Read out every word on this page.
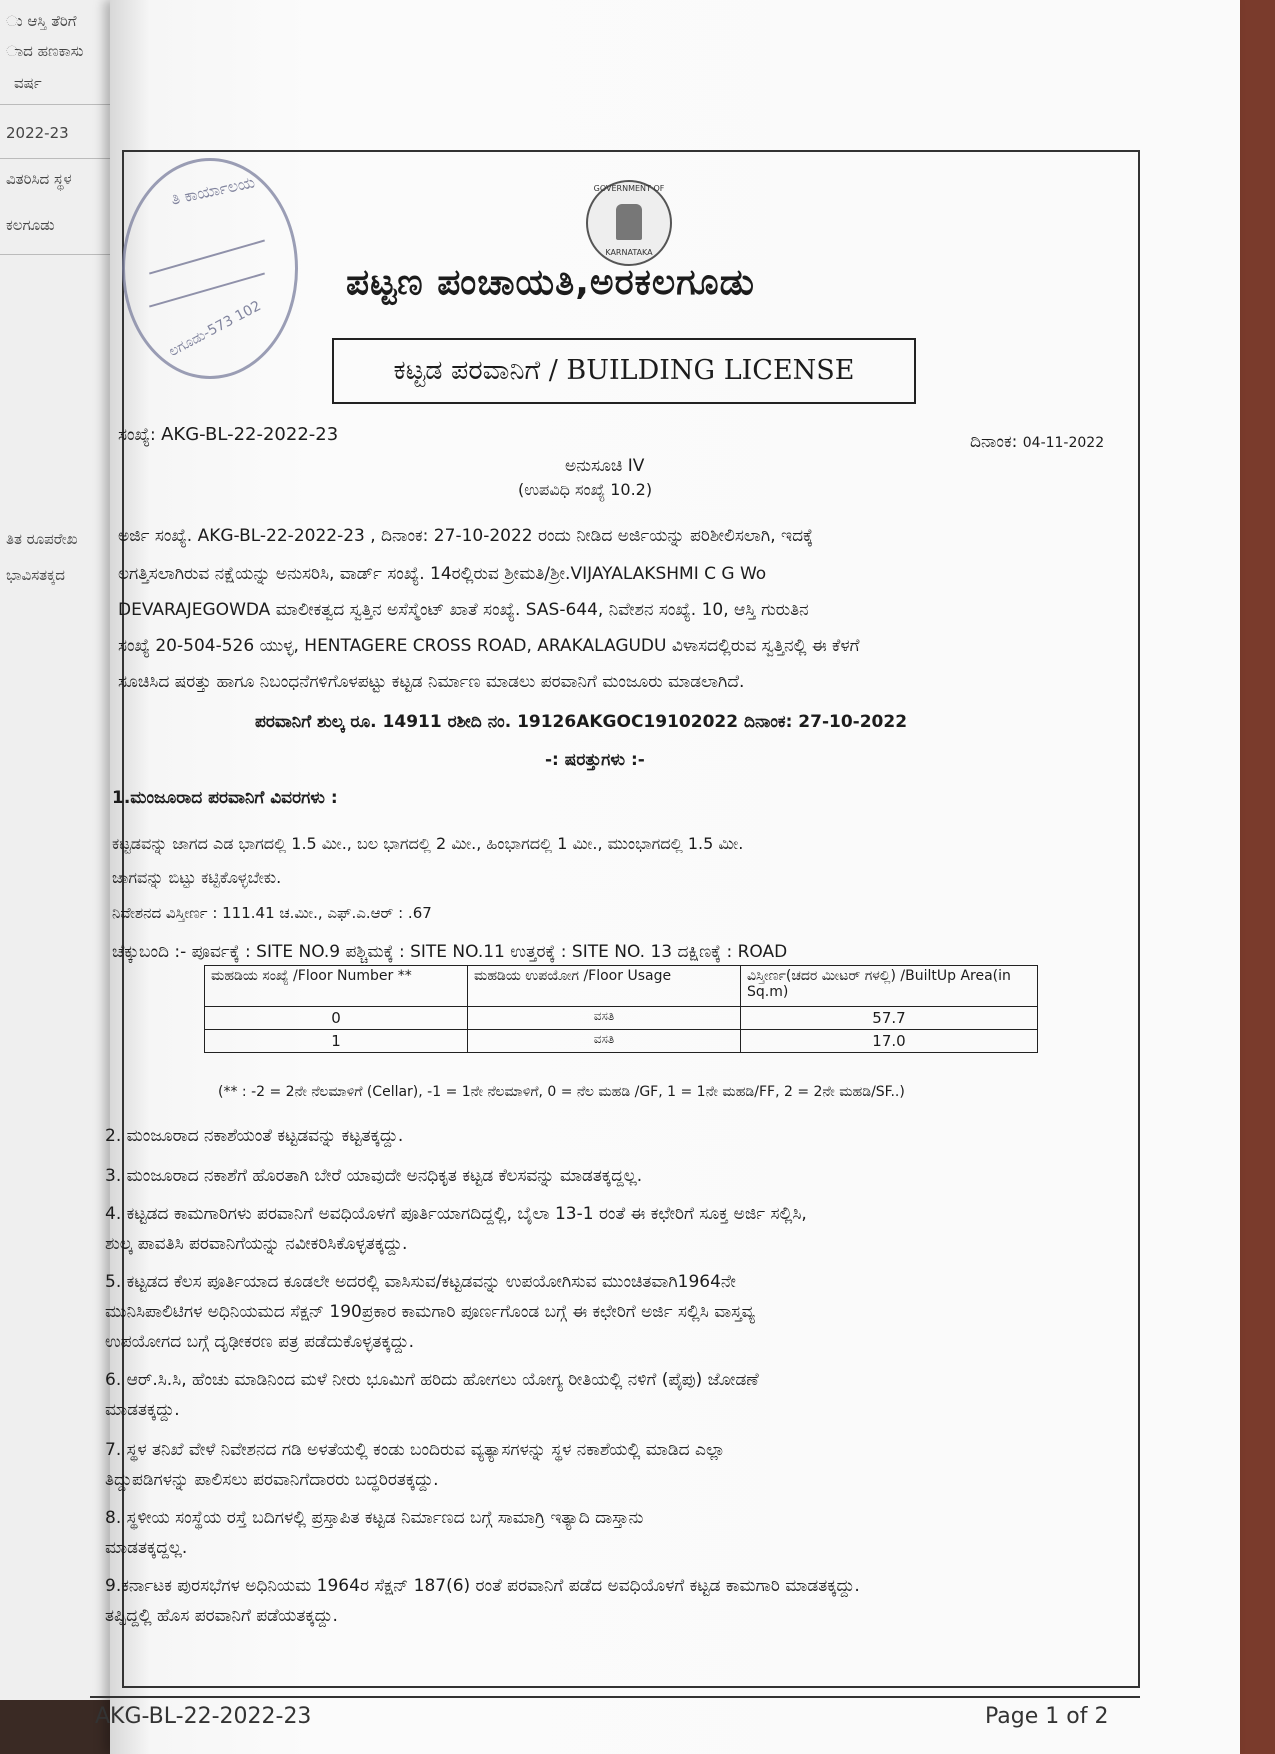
ು ಆಸ್ತಿ ತೆರಿಗೆ
ಾದ ಹಣಕಾಸು
ವರ್ಷ
2022-23
ವಿತರಿಸಿದ ಸ್ಥಳ
ಕಲಗೂಡು
ತಿತ ರೂಪರೇಖ
ಭಾವಿಸತಕ್ಕದ
ತಿ ಕಾರ್ಯಾಲಯ
ಲಗೂಡು-573 102
GOVERNMENT OF
KARNATAKA
ಪಟ್ಟಣ ಪಂಚಾಯತಿ,ಅರಕಲಗೂಡು
ಕಟ್ಟಡ ಪರವಾನಿಗೆ / BUILDING LICENSE
ಸಂಖ್ಯೆ: AKG-BL-22-2022-23	ದಿನಾಂಕ: 04-11-2022
ಅನುಸೂಚಿ IV
(ಉಪವಿಧಿ ಸಂಖ್ಯೆ 10.2)
ಅರ್ಜಿ ಸಂಖ್ಯೆ. AKG-BL-22-2022-23 , ದಿನಾಂಕ: 27-10-2022 ರಂದು ನೀಡಿದ ಅರ್ಜಿಯನ್ನು ಪರಿಶೀಲಿಸಲಾಗಿ, ಇದಕ್ಕೆ
ಲಗತ್ತಿಸಲಾಗಿರುವ ನಕ್ಷೆಯನ್ನು ಅನುಸರಿಸಿ, ವಾರ್ಡ್ ಸಂಖ್ಯೆ. 14ರಲ್ಲಿರುವ ಶ್ರೀಮತಿ/ಶ್ರೀ.VIJAYALAKSHMI C G Wo
DEVARAJEGOWDA ಮಾಲೀಕತ್ವದ ಸ್ವತ್ತಿನ ಅಸೆಸ್ಮೆಂಟ್ ಖಾತೆ ಸಂಖ್ಯೆ. SAS-644, ನಿವೇಶನ ಸಂಖ್ಯೆ. 10, ಆಸ್ತಿ ಗುರುತಿನ
ಸಂಖ್ಯೆ 20-504-526 ಯುಳ್ಳ, HENTAGERE CROSS ROAD, ARAKALAGUDU ವಿಳಾಸದಲ್ಲಿರುವ ಸ್ವತ್ತಿನಲ್ಲಿ ಈ ಕೆಳಗೆ
ಸೂಚಿಸಿದ ಷರತ್ತು ಹಾಗೂ ನಿಬಂಧನೆಗಳಿಗೊಳಪಟ್ಟು ಕಟ್ಟಡ ನಿರ್ಮಾಣ ಮಾಡಲು ಪರವಾನಿಗೆ ಮಂಜೂರು ಮಾಡಲಾಗಿದೆ.
ಪರವಾನಿಗೆ ಶುಲ್ಕ ರೂ. 14911 ರಶೀದಿ ನಂ. 19126AKGOC19102022 ದಿನಾಂಕ: 27-10-2022
-: ಷರತ್ತುಗಳು :-
1.ಮಂಜೂರಾದ ಪರವಾನಿಗೆ ವಿವರಗಳು :
ಕಟ್ಟಡವನ್ನು ಜಾಗದ ಎಡ ಭಾಗದಲ್ಲಿ 1.5 ಮೀ., ಬಲ ಭಾಗದಲ್ಲಿ 2 ಮೀ., ಹಿಂಭಾಗದಲ್ಲಿ 1 ಮೀ., ಮುಂಭಾಗದಲ್ಲಿ 1.5 ಮೀ.
ಜಾಗವನ್ನು ಬಿಟ್ಟು ಕಟ್ಟಿಕೊಳ್ಳಬೇಕು.
ನಿವೇಶನದ ವಿಸ್ತೀರ್ಣ : 111.41 ಚ.ಮೀ., ಎಫ್.ಎ.ಆರ್ : .67
ಚೆಕ್ಕುಬಂದಿ :- ಪೂರ್ವಕ್ಕೆ : SITE NO.9 ಪಶ್ಚಿಮಕ್ಕೆ : SITE NO.11 ಉತ್ತರಕ್ಕೆ : SITE NO. 13 ದಕ್ಷಿಣಕ್ಕೆ : ROAD
ಮಹಡಿಯ ಸಂಖ್ಯೆ /Floor Number **	ಮಹಡಿಯ ಉಪಯೋಗ /Floor Usage	ವಿಸ್ತೀರ್ಣ(ಚದರ ಮೀಟರ್ ಗಳಲ್ಲಿ) /BuiltUp Area(in Sq.m)
0	ವಸತಿ	57.7
1	ವಸತಿ	17.0
(** : -2 = 2ನೇ ನೆಲಮಾಳಿಗೆ (Cellar), -1 = 1ನೇ ನೆಲಮಾಳಿಗೆ, 0 = ನೆಲ ಮಹಡಿ /GF, 1 = 1ನೇ ಮಹಡಿ/FF, 2 = 2ನೇ ಮಹಡಿ/SF..)
2. ಮಂಜೂರಾದ ನಕಾಶೆಯಂತೆ ಕಟ್ಟಡವನ್ನು ಕಟ್ಟತಕ್ಕದ್ದು.
3. ಮಂಜೂರಾದ ನಕಾಶೆಗೆ ಹೊರತಾಗಿ ಬೇರೆ ಯಾವುದೇ ಅನಧಿಕೃತ ಕಟ್ಟಡ ಕೆಲಸವನ್ನು ಮಾಡತಕ್ಕದ್ದಲ್ಲ.
4. ಕಟ್ಟಡದ ಕಾಮಗಾರಿಗಳು ಪರವಾನಿಗೆ ಅವಧಿಯೊಳಗೆ ಪೂರ್ತಿಯಾಗದಿದ್ದಲ್ಲಿ, ಬೈಲಾ 13-1 ರಂತೆ ಈ ಕಛೇರಿಗೆ ಸೂಕ್ತ ಅರ್ಜಿ ಸಲ್ಲಿಸಿ,
ಶುಲ್ಕ ಪಾವತಿಸಿ ಪರವಾನಿಗೆಯನ್ನು ನವೀಕರಿಸಿಕೊಳ್ಳತಕ್ಕದ್ದು.
5. ಕಟ್ಟಡದ ಕೆಲಸ ಪೂರ್ತಿಯಾದ ಕೂಡಲೇ ಅದರಲ್ಲಿ ವಾಸಿಸುವ/ಕಟ್ಟಡವನ್ನು ಉಪಯೋಗಿಸುವ ಮುಂಚಿತವಾಗಿ1964ನೇ
ಮುನಿಸಿಪಾಲಿಟಿಗಳ ಅಧಿನಿಯಮದ ಸೆಕ್ಷನ್ 190ಪ್ರಕಾರ ಕಾಮಗಾರಿ ಪೂರ್ಣಗೊಂಡ ಬಗ್ಗೆ ಈ ಕಛೇರಿಗೆ ಅರ್ಜಿ ಸಲ್ಲಿಸಿ ವಾಸ್ತವ್ಯ
ಉಪಯೋಗದ ಬಗ್ಗೆ ದೃಢೀಕರಣ ಪತ್ರ ಪಡೆದುಕೊಳ್ಳತಕ್ಕದ್ದು.
6. ಆರ್.ಸಿ.ಸಿ, ಹೆಂಚು ಮಾಡಿನಿಂದ ಮಳೆ ನೀರು ಭೂಮಿಗೆ ಹರಿದು ಹೋಗಲು ಯೋಗ್ಯ ರೀತಿಯಲ್ಲಿ ನಳಿಗೆ (ಪೈಪು) ಜೋಡಣೆ
ಮಾಡತಕ್ಕದ್ದು.
7. ಸ್ಥಳ ತನಿಖೆ ವೇಳೆ ನಿವೇಶನದ ಗಡಿ ಅಳತೆಯಲ್ಲಿ ಕಂಡು ಬಂದಿರುವ ವ್ಯತ್ಯಾಸಗಳನ್ನು ಸ್ಥಳ ನಕಾಶೆಯಲ್ಲಿ ಮಾಡಿದ ಎಲ್ಲಾ
ತಿದ್ದುಪಡಿಗಳನ್ನು ಪಾಲಿಸಲು ಪರವಾನಿಗೆದಾರರು ಬದ್ಧರಿರತಕ್ಕದ್ದು.
8. ಸ್ಥಳೀಯ ಸಂಸ್ಥೆಯ ರಸ್ತೆ ಬದಿಗಳಲ್ಲಿ ಪ್ರಸ್ತಾಪಿತ ಕಟ್ಟಡ ನಿರ್ಮಾಣದ ಬಗ್ಗೆ ಸಾಮಾಗ್ರಿ ಇತ್ಯಾದಿ ದಾಸ್ತಾನು
ಮಾಡತಕ್ಕದ್ದಲ್ಲ.
9.ಕರ್ನಾಟಕ ಪುರಸಭೆಗಳ ಅಧಿನಿಯಮ 1964ರ ಸೆಕ್ಷನ್ 187(6) ರಂತೆ ಪರವಾನಿಗೆ ಪಡೆದ ಅವಧಿಯೊಳಗೆ ಕಟ್ಟಡ ಕಾಮಗಾರಿ ಮಾಡತಕ್ಕದ್ದು.
ತಪ್ಪಿದ್ದಲ್ಲಿ ಹೊಸ ಪರವಾನಿಗೆ ಪಡೆಯತಕ್ಕದ್ದು.
AKG-BL-22-2022-23	Page 1 of 2
